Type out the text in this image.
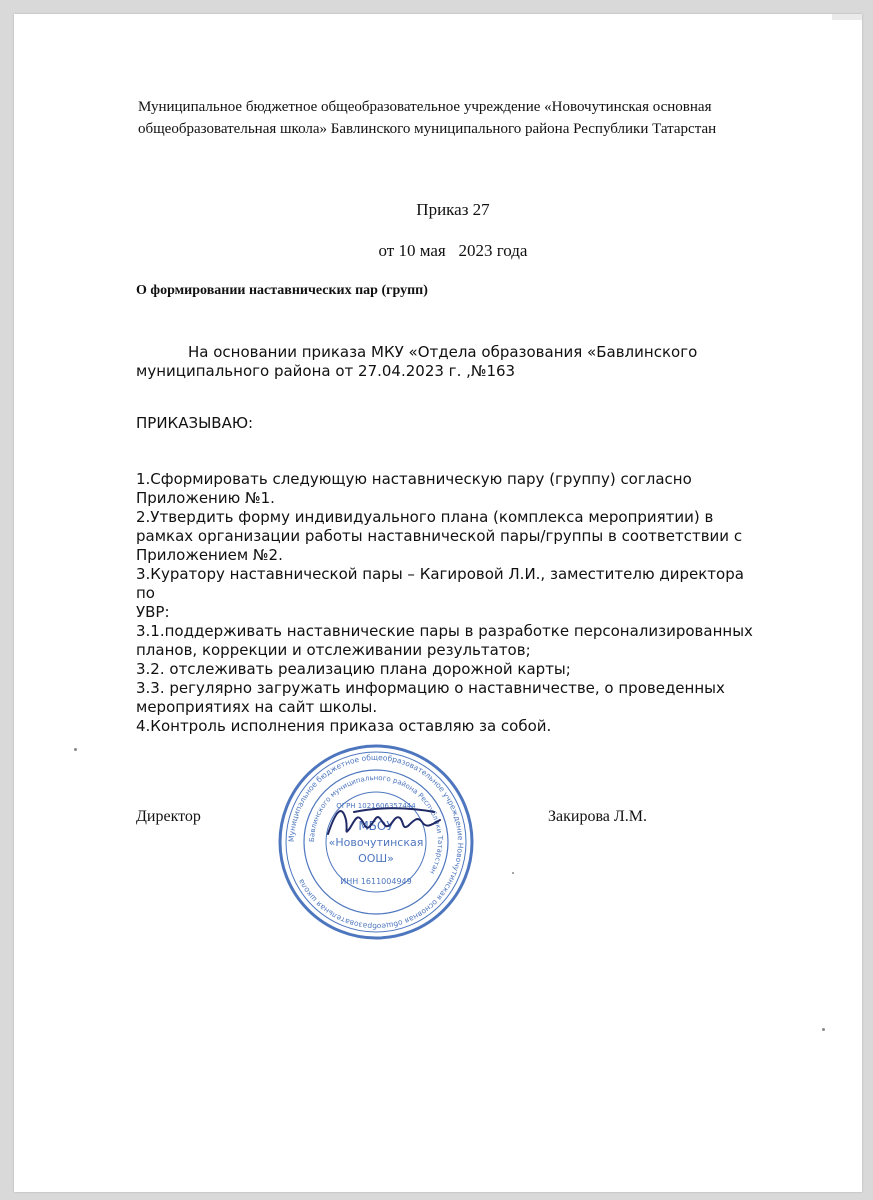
Муниципальное бюджетное общеобразовательное учреждение «Новочутинская основная
общеобразовательная школа» Бавлинского муниципального района Республики Татарстан
Приказ 27
от 10 мая   2023 года
О формировании наставнических пар (групп)
На основании приказа МКУ «Отдела образования «Бавлинского
муниципального района от 27.04.2023 г. ,№163
ПРИКАЗЫВАЮ:
1.Сформировать следующую наставническую пару (группу) согласно
Приложению №1.
2.Утвердить форму индивидуального плана (комплекса мероприятии) в
рамках организации работы наставнической пары/группы в соответствии с
Приложением №2.
3.Куратору наставнической пары – Кагировой Л.И., заместителю директора
по
УВР:
3.1.поддерживать наставнические пары в разработке персонализированных
планов, коррекции и отслеживании результатов;
3.2. отслеживать реализацию плана дорожной карты;
3.3. регулярно загружать информацию о наставничестве, о проведенных
мероприятиях на сайт школы.
4.Контроль исполнения приказа оставляю за собой.
Директор	Закирова Л.М.
Муниципальное бюджетное общеобразовательное учреждение Новочутинская основная общеобразовательная школа
Бавлинского муниципального района Республики Татарстан
ОГРН 1021606357444
МБОУ
«Новочутинская
ООШ»
ИНН 1611004949
